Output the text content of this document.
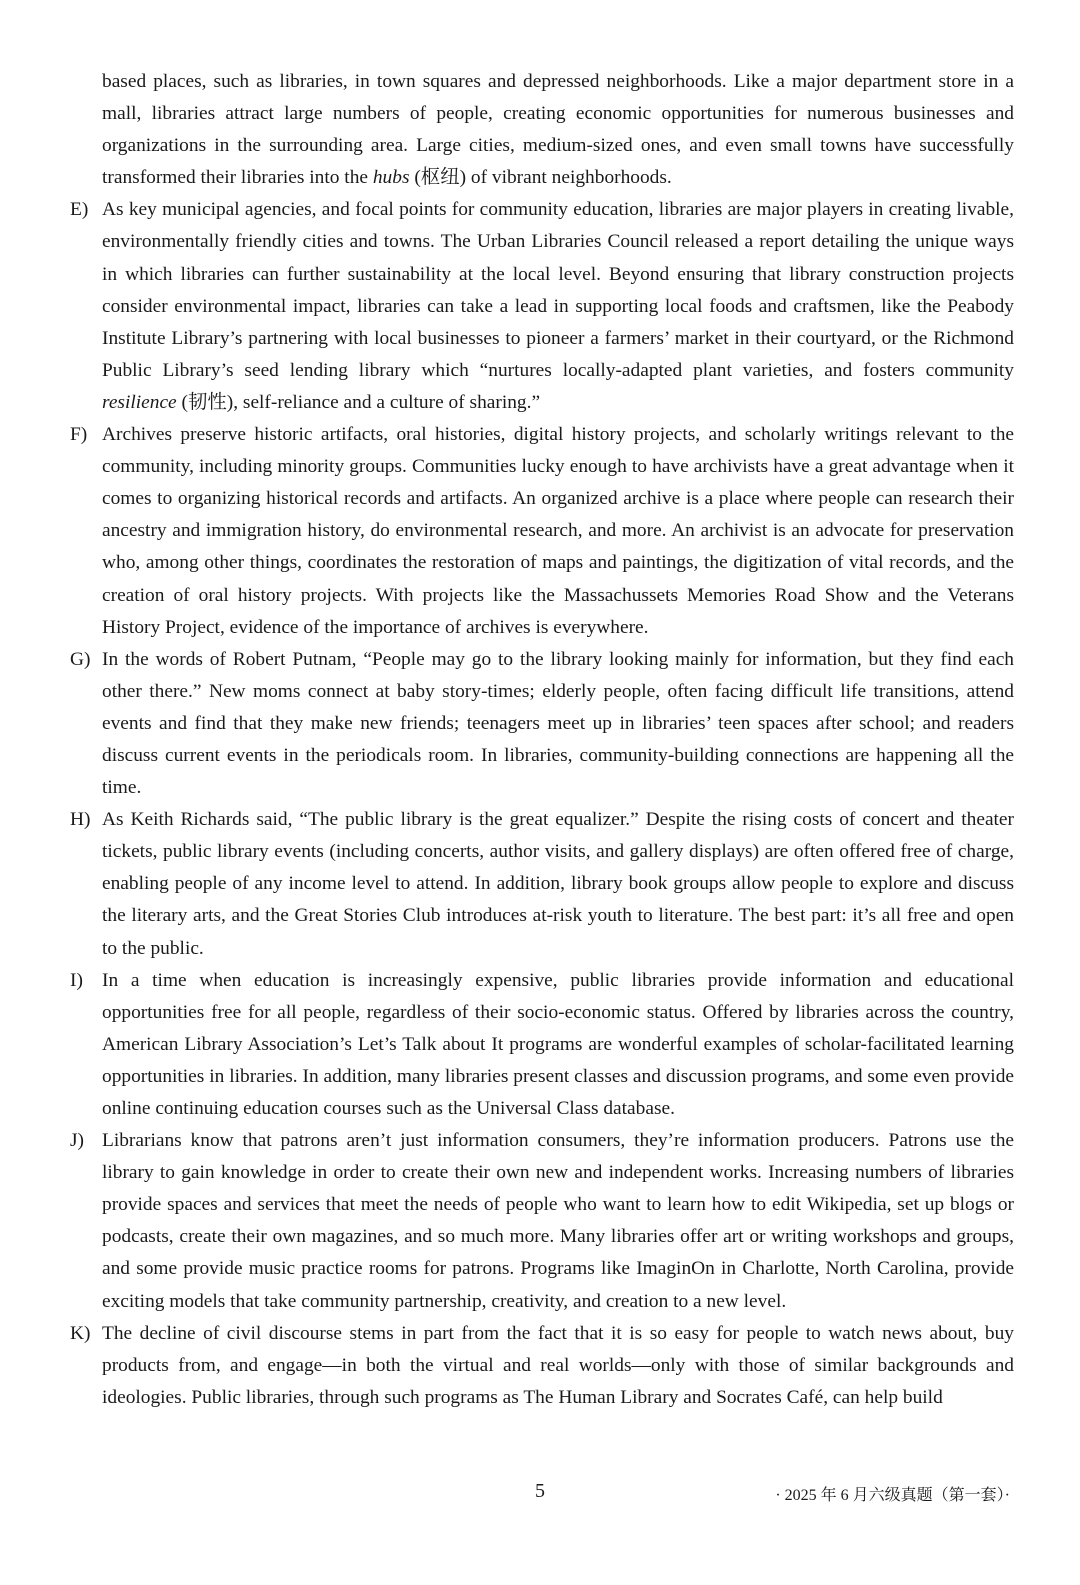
based places, such as libraries, in town squares and depressed neighborhoods. Like a major department store in a mall, libraries attract large numbers of people, creating economic opportunities for numerous businesses and organizations in the surrounding area. Large cities, medium-sized ones, and even small towns have successfully transformed their libraries into the hubs (枢纽) of vibrant neighborhoods.
E) As key municipal agencies, and focal points for community education, libraries are major players in creating livable, environmentally friendly cities and towns. The Urban Libraries Council released a report detailing the unique ways in which libraries can further sustainability at the local level. Beyond ensuring that library construction projects consider environmental impact, libraries can take a lead in supporting local foods and craftsmen, like the Peabody Institute Library’s partnering with local businesses to pioneer a farmers’ market in their courtyard, or the Richmond Public Library’s seed lending library which “nurtures locally-adapted plant varieties, and fosters community resilience (韧性), self-reliance and a culture of sharing.”
F) Archives preserve historic artifacts, oral histories, digital history projects, and scholarly writings relevant to the community, including minority groups. Communities lucky enough to have archivists have a great advantage when it comes to organizing historical records and artifacts. An organized archive is a place where people can research their ancestry and immigration history, do environmental research, and more. An archivist is an advocate for preservation who, among other things, coordinates the restoration of maps and paintings, the digitization of vital records, and the creation of oral history projects. With projects like the Massachussets Memories Road Show and the Veterans History Project, evidence of the importance of archives is everywhere.
G) In the words of Robert Putnam, “People may go to the library looking mainly for information, but they find each other there.” New moms connect at baby story-times; elderly people, often facing difficult life transitions, attend events and find that they make new friends; teenagers meet up in libraries’ teen spaces after school; and readers discuss current events in the periodicals room. In libraries, community-building connections are happening all the time.
H) As Keith Richards said, “The public library is the great equalizer.” Despite the rising costs of concert and theater tickets, public library events (including concerts, author visits, and gallery displays) are often offered free of charge, enabling people of any income level to attend. In addition, library book groups allow people to explore and discuss the literary arts, and the Great Stories Club introduces at-risk youth to literature. The best part: it’s all free and open to the public.
I) In a time when education is increasingly expensive, public libraries provide information and educational opportunities free for all people, regardless of their socio-economic status. Offered by libraries across the country, American Library Association’s Let’s Talk about It programs are wonderful examples of scholar-facilitated learning opportunities in libraries. In addition, many libraries present classes and discussion programs, and some even provide online continuing education courses such as the Universal Class database.
J) Librarians know that patrons aren’t just information consumers, they’re information producers. Patrons use the library to gain knowledge in order to create their own new and independent works. Increasing numbers of libraries provide spaces and services that meet the needs of people who want to learn how to edit Wikipedia, set up blogs or podcasts, create their own magazines, and so much more. Many libraries offer art or writing workshops and groups, and some provide music practice rooms for patrons. Programs like ImaginOn in Charlotte, North Carolina, provide exciting models that take community partnership, creativity, and creation to a new level.
K) The decline of civil discourse stems in part from the fact that it is so easy for people to watch news about, buy products from, and engage—in both the virtual and real worlds—only with those of similar backgrounds and ideologies. Public libraries, through such programs as The Human Library and Socrates Café, can help build
5	· 2025 年 6 月六级真题（第一套）·
